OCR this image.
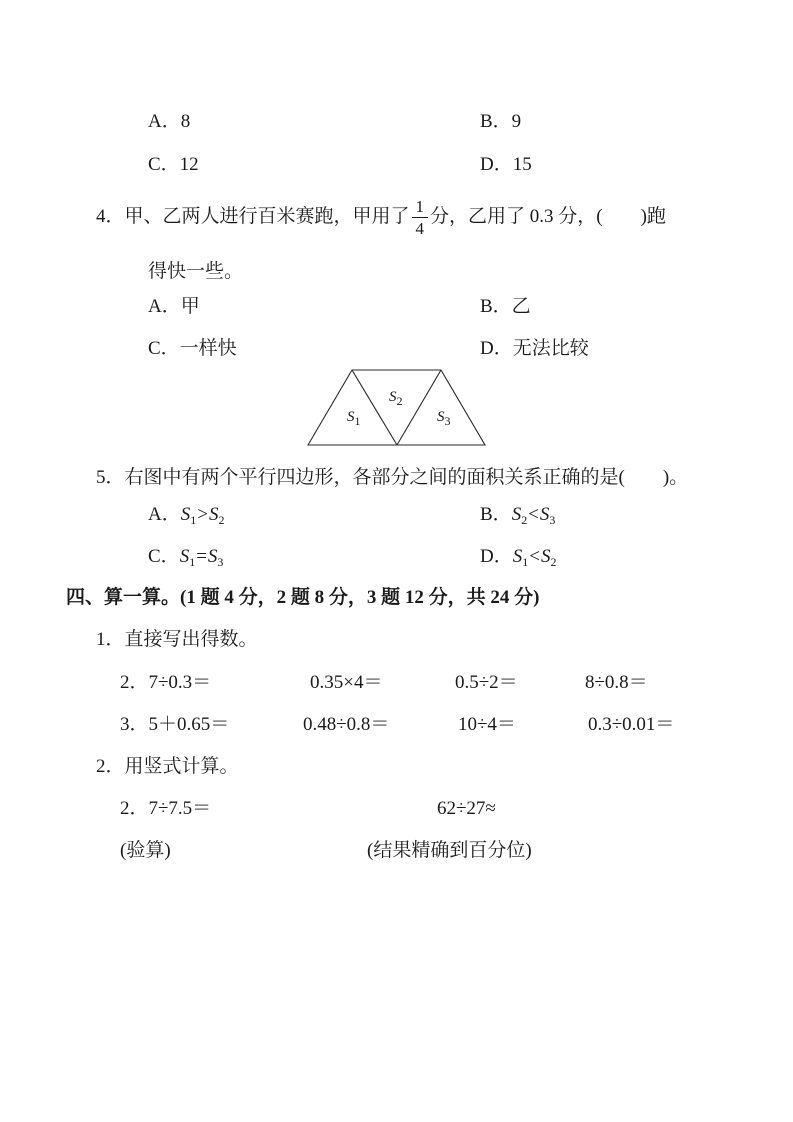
A．8	B．9
C．12	D．15
4．甲、乙两人进行百米赛跑，甲用了 $\frac{1}{4}$ 分，乙用了 0.3 分，(　　)跑
得快一些。
A．甲	B．乙
C．一样快	D．无法比较
$S_1$
$S_2$
$S_3$
5．右图中有两个平行四边形，各部分之间的面积关系正确的是(　　)。
A．$S_1>S_2$	B．$S_2<S_3$
C．$S_1=S_3$	D．$S_1<S_2$
四、算一算。(1 题 4 分，2 题 8 分，3 题 12 分，共 24 分)
1．直接写出得数。
2．7÷0.3＝	0.35×4＝	0.5÷2＝	8÷0.8＝
3．5＋0.65＝	0.48÷0.8＝	10÷4＝	0.3÷0.01＝
2．用竖式计算。
2．7÷7.5＝	62÷27≈
(验算)	(结果精确到百分位)
